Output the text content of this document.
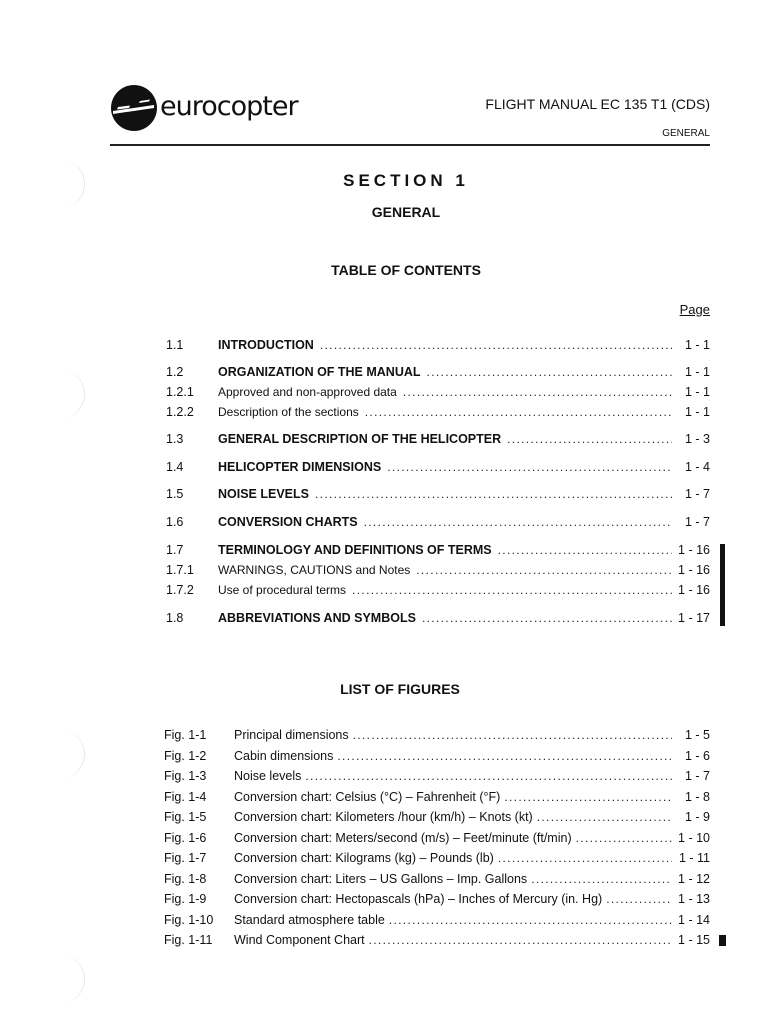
eurocopter	FLIGHT MANUAL EC 135 T1 (CDS)
GENERAL
SECTION 1
GENERAL
TABLE OF CONTENTS
Page
1.1	INTRODUCTION . . .	1 - 1
1.2	ORGANIZATION OF THE MANUAL . . .	1 - 1
1.2.1	Approved and non-approved data . . .	1 - 1
1.2.2	Description of the sections . . .	1 - 1
1.3	GENERAL DESCRIPTION OF THE HELICOPTER . . .	1 - 3
1.4	HELICOPTER DIMENSIONS . . .	1 - 4
1.5	NOISE LEVELS . . .	1 - 7
1.6	CONVERSION CHARTS . . .	1 - 7
1.7	TERMINOLOGY AND DEFINITIONS OF TERMS . . .	1 - 16
1.7.1	WARNINGS, CAUTIONS and Notes . . .	1 - 16
1.7.2	Use of procedural terms . . .	1 - 16
1.8	ABBREVIATIONS AND SYMBOLS . . .	1 - 17
LIST OF FIGURES
Fig. 1-1	Principal dimensions . . .	1 - 5
Fig. 1-2	Cabin dimensions . . .	1 - 6
Fig. 1-3	Noise levels . . .	1 - 7
Fig. 1-4	Conversion chart: Celsius (°C) – Fahrenheit (°F) . . .	1 - 8
Fig. 1-5	Conversion chart: Kilometers /hour (km/h) – Knots (kt) . . .	1 - 9
Fig. 1-6	Conversion chart: Meters/second (m/s) – Feet/minute (ft/min) . . .	1 - 10
Fig. 1-7	Conversion chart: Kilograms (kg) – Pounds (lb) . . .	1 - 11
Fig. 1-8	Conversion chart: Liters – US Gallons – Imp. Gallons . . .	1 - 12
Fig. 1-9	Conversion chart: Hectopascals (hPa) – Inches of Mercury (in. Hg) . . .	1 - 13
Fig. 1-10	Standard atmosphere table . . .	1 - 14
Fig. 1-11	Wind Component Chart . . .	1 - 15
